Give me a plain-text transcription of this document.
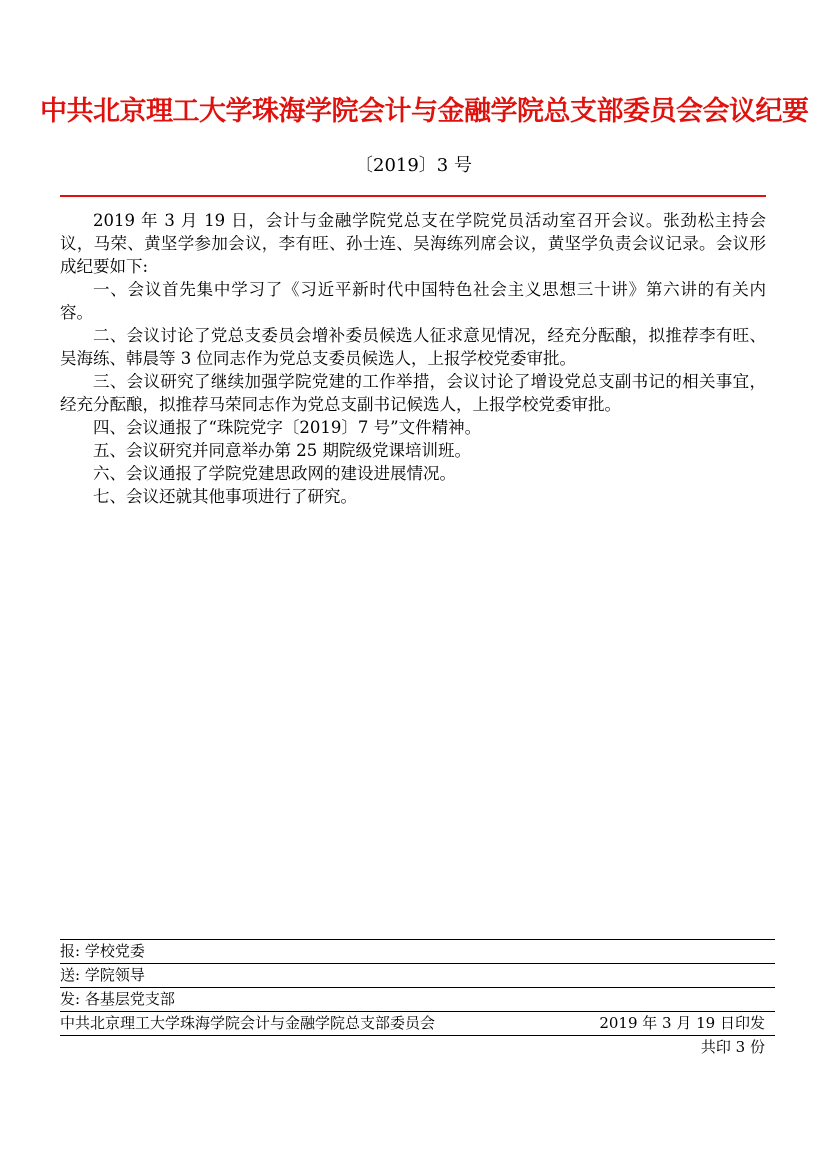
中共北京理工大学珠海学院会计与金融学院总支部委员会会议纪要
〔2019〕3 号

2019 年 3 月 19 日，会计与金融学院党总支在学院党员活动室召开会议。张劲松主持会议，马荣、黄坚学参加会议，李有旺、孙士连、吴海练列席会议，黄坚学负责会议记录。会议形成纪要如下:

一、会议首先集中学习了《习近平新时代中国特色社会主义思想三十讲》第六讲的有关内容。

二、会议讨论了党总支委员会增补委员候选人征求意见情况，经充分酝酿，拟推荐李有旺、吴海练、韩晨等 3 位同志作为党总支委员候选人，上报学校党委审批。

三、会议研究了继续加强学院党建的工作举措，会议讨论了增设党总支副书记的相关事宜，经充分酝酿，拟推荐马荣同志作为党总支副书记候选人，上报学校党委审批。

四、会议通报了“珠院党字〔2019〕7 号”文件精神。

五、会议研究并同意举办第 25 期院级党课培训班。

六、会议通报了学院党建思政网的建设进展情况。

七、会议还就其他事项进行了研究。

报: 学校党委
送: 学院领导
发: 各基层党支部
中共北京理工大学珠海学院会计与金融学院总支部委员会	2019 年 3 月 19 日印发
共印 3 份
